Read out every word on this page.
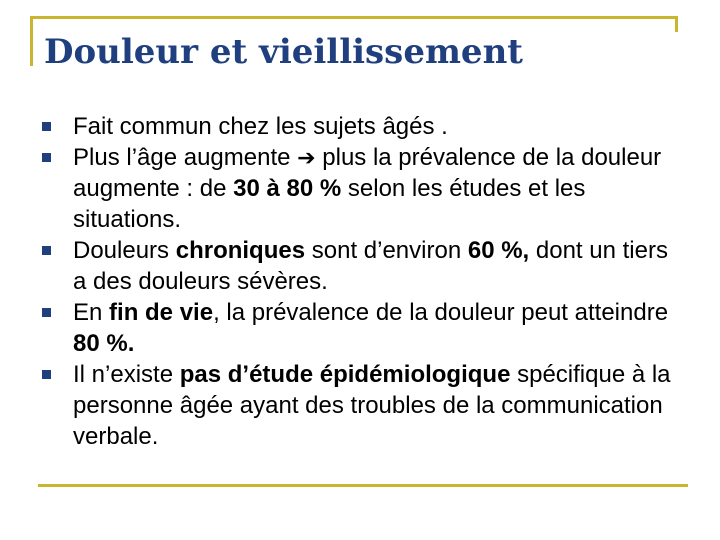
Douleur et vieillissement
Fait commun chez les sujets âgés .
Plus l’âge augmente ➔ plus la prévalence de la douleur augmente : de 30 à 80 % selon les études et les situations.
Douleurs chroniques sont d’environ 60 %, dont un tiers a des douleurs sévères.
En fin de vie, la prévalence de la douleur peut atteindre 80 %.
Il n’existe pas d’étude épidémiologique spécifique à la personne âgée ayant des troubles de la communication verbale.
